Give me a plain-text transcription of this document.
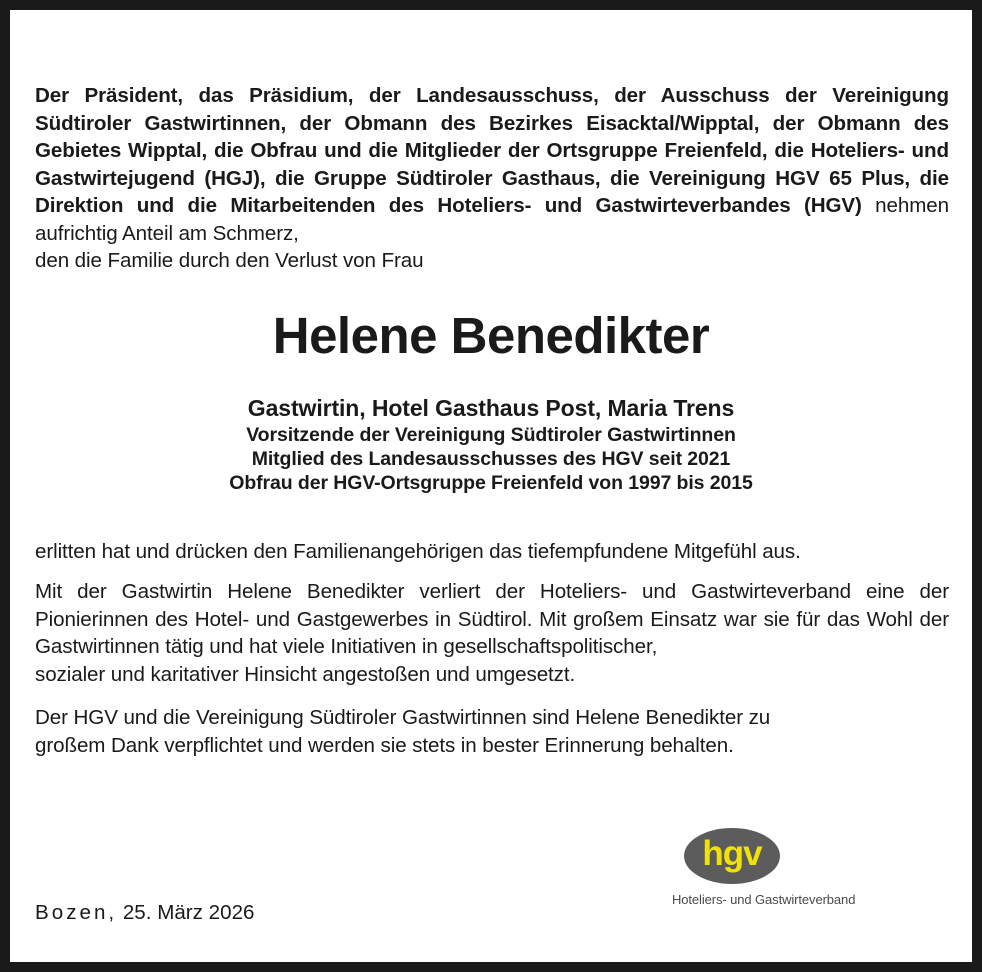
Der Präsident, das Präsidium, der Landesausschuss, der Ausschuss der Vereinigung Südtiroler Gastwirtinnen, der Obmann des Bezirkes Eisacktal/Wipptal, der Obmann des Gebietes Wipptal, die Obfrau und die Mitglieder der Ortsgruppe Freienfeld, die Hoteliers- und Gastwirtejugend (HGJ), die Gruppe Südtiroler Gasthaus, die Vereinigung HGV 65 Plus, die Direktion und die Mitarbeitenden des Hoteliers- und Gastwirteverbandes (HGV) nehmen aufrichtig Anteil am Schmerz,
den die Familie durch den Verlust von Frau
Helene Benedikter
Gastwirtin, Hotel Gasthaus Post, Maria Trens
Vorsitzende der Vereinigung Südtiroler Gastwirtinnen
Mitglied des Landesausschusses des HGV seit 2021
Obfrau der HGV-Ortsgruppe Freienfeld von 1997 bis 2015
erlitten hat und drücken den Familienangehörigen das tiefempfundene Mitgefühl aus.
Mit der Gastwirtin Helene Benedikter verliert der Hoteliers- und Gastwirteverband eine der Pionierinnen des Hotel- und Gastgewerbes in Südtirol. Mit großem Einsatz war sie für das Wohl der Gastwirtinnen tätig und hat viele Initiativen in gesellschaftspolitischer,
sozialer und karitativer Hinsicht angestoßen und umgesetzt.
Der HGV und die Vereinigung Südtiroler Gastwirtinnen sind Helene Benedikter zu
großem Dank verpflichtet und werden sie stets in bester Erinnerung behalten.
Bozen, 25. März 2026
hgv
Hoteliers- und Gastwirteverband
